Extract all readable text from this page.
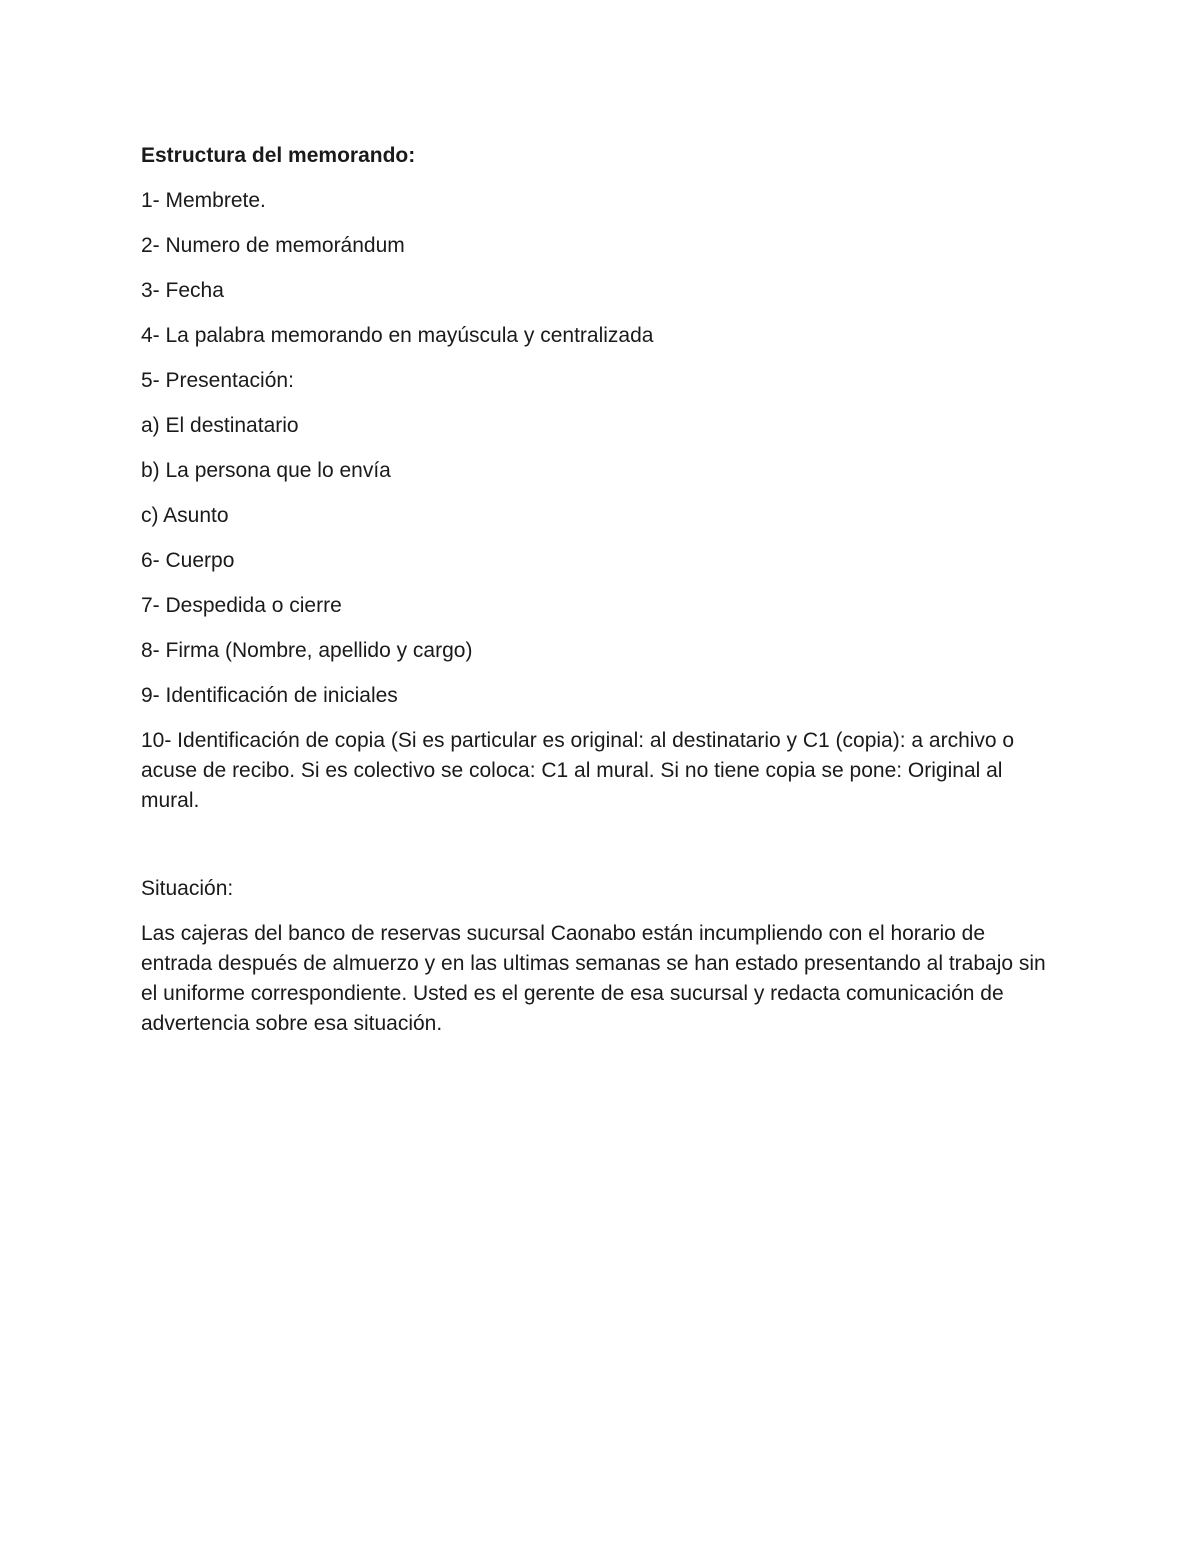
Estructura del memorando:
1- Membrete.
2- Numero de memorándum
3- Fecha
4- La palabra memorando en mayúscula y centralizada
5- Presentación:
a) El destinatario
b) La persona que lo envía
c) Asunto
6- Cuerpo
7- Despedida o cierre
8- Firma (Nombre, apellido y cargo)
9- Identificación de iniciales
10- Identificación de copia (Si es particular es original: al destinatario y C1 (copia): a archivo o acuse de recibo. Si es colectivo se coloca: C1 al mural. Si no tiene copia se pone: Original al mural.
Situación:
Las cajeras del banco de reservas sucursal Caonabo están incumpliendo con el horario de entrada después de almuerzo y en las ultimas semanas se han estado presentando al trabajo sin el uniforme correspondiente. Usted es el gerente de esa sucursal y redacta comunicación de advertencia sobre esa situación.
